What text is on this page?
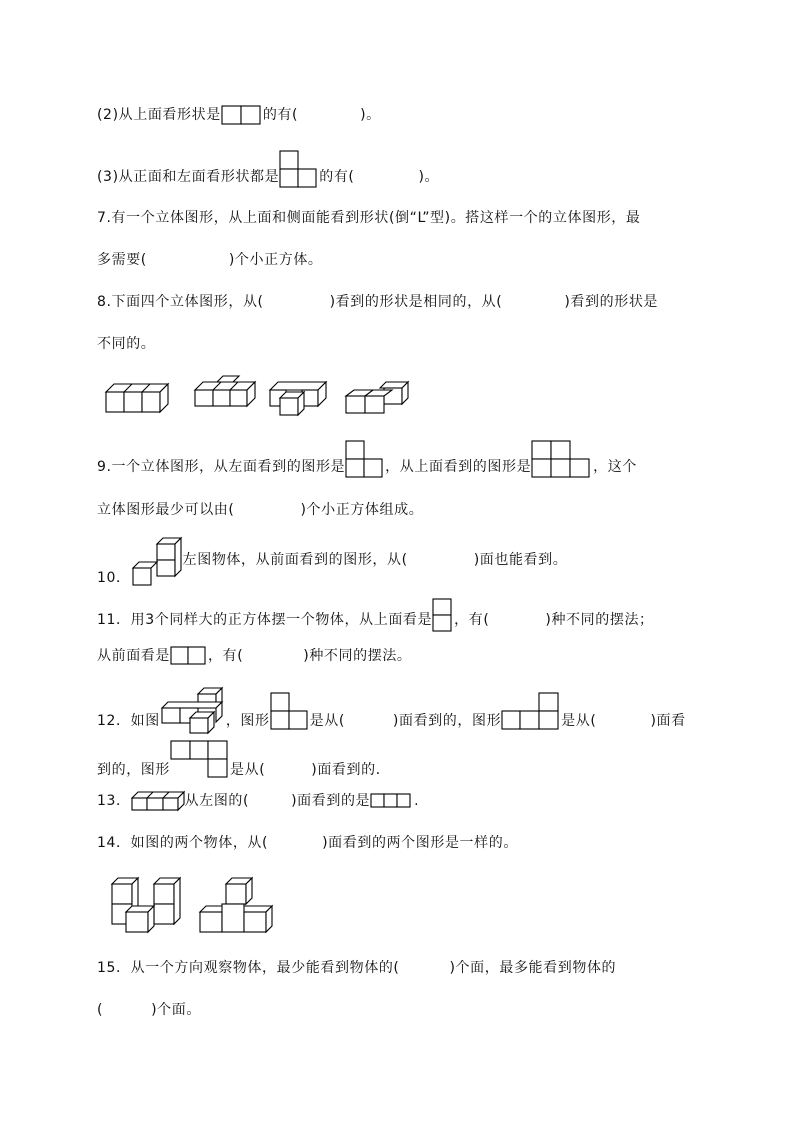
(2)从上面看形状是	的有(	)。
(3)从正面和左面看形状都是	的有(	)。
7.有一个立体图形，从上面和侧面能看到形状(倒“L”型)。搭这样一个的立体图形，最
多需要(	)个小正方体。
8.下面四个立体图形，从(	)看到的形状是相同的，从(	)看到的形状是
不同的。
9.一个立体图形，从左面看到的图形是	，从上面看到的图形是	，这个
立体图形最少可以由(	)个小正方体组成。
10．左图物体，从前面看到的图形，从(	)面也能看到。
11．用3个同样大的正方体摆一个物体，从上面看是 ，有(	)种不同的摆法；
从前面看是	，有(	)种不同的摆法。
12．如图	，图形	是从(	)面看到的，图形	是从(	)面看
到的，图形	是从(	)面看到的．
13．	从左图的(	)面看到的是	.
14．如图的两个物体，从(	)面看到的两个图形是一样的。
15．从一个方向观察物体，最少能看到物体的(	)个面，最多能看到物体的
(	)个面。
